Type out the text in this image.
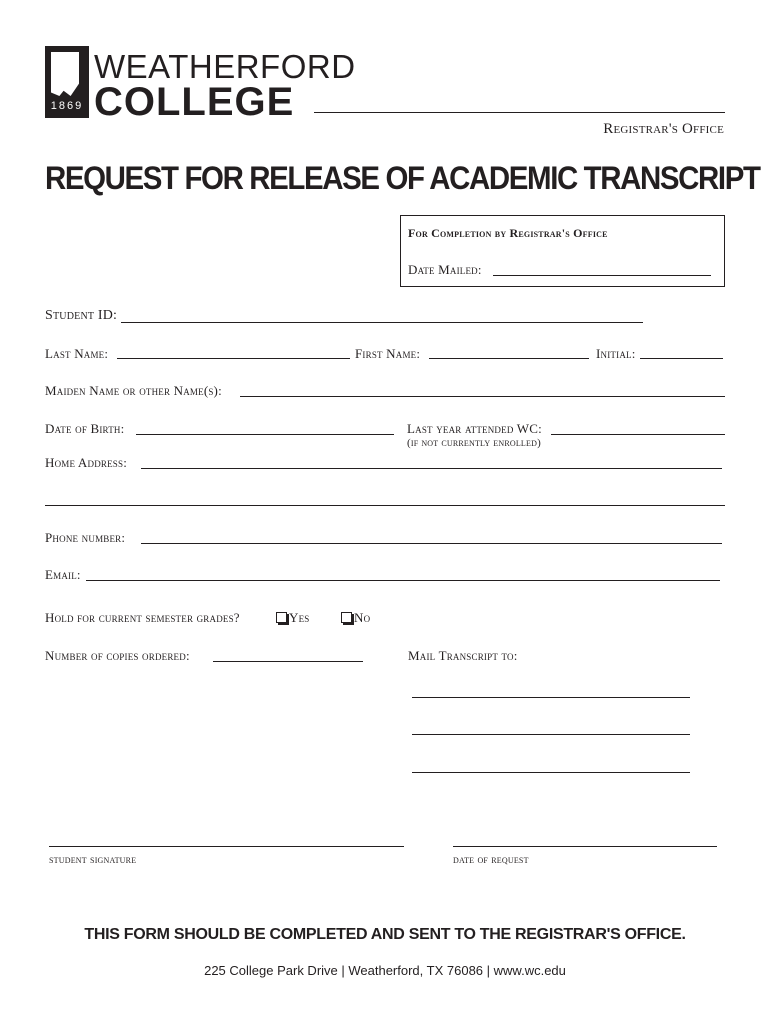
1869
WEATHERFORD
COLLEGE
Registrar's Office
REQUEST FOR RELEASE OF ACADEMIC TRANSCRIPT
For Completion by Registrar's Office
Date Mailed:
Student ID:
Last Name:	First Name:	Initial:
Maiden Name or other Name(s):
Date of Birth:	Last year attended WC:
(if not currently enrolled)
Home Address:
Phone number:
Email:
Hold for current semester grades?	Yes	No
Number of copies ordered:	Mail Transcript to:
student signature	date of request
THIS FORM SHOULD BE COMPLETED AND SENT TO THE REGISTRAR'S OFFICE.
225 College Park Drive | Weatherford, TX 76086 | www.wc.edu
